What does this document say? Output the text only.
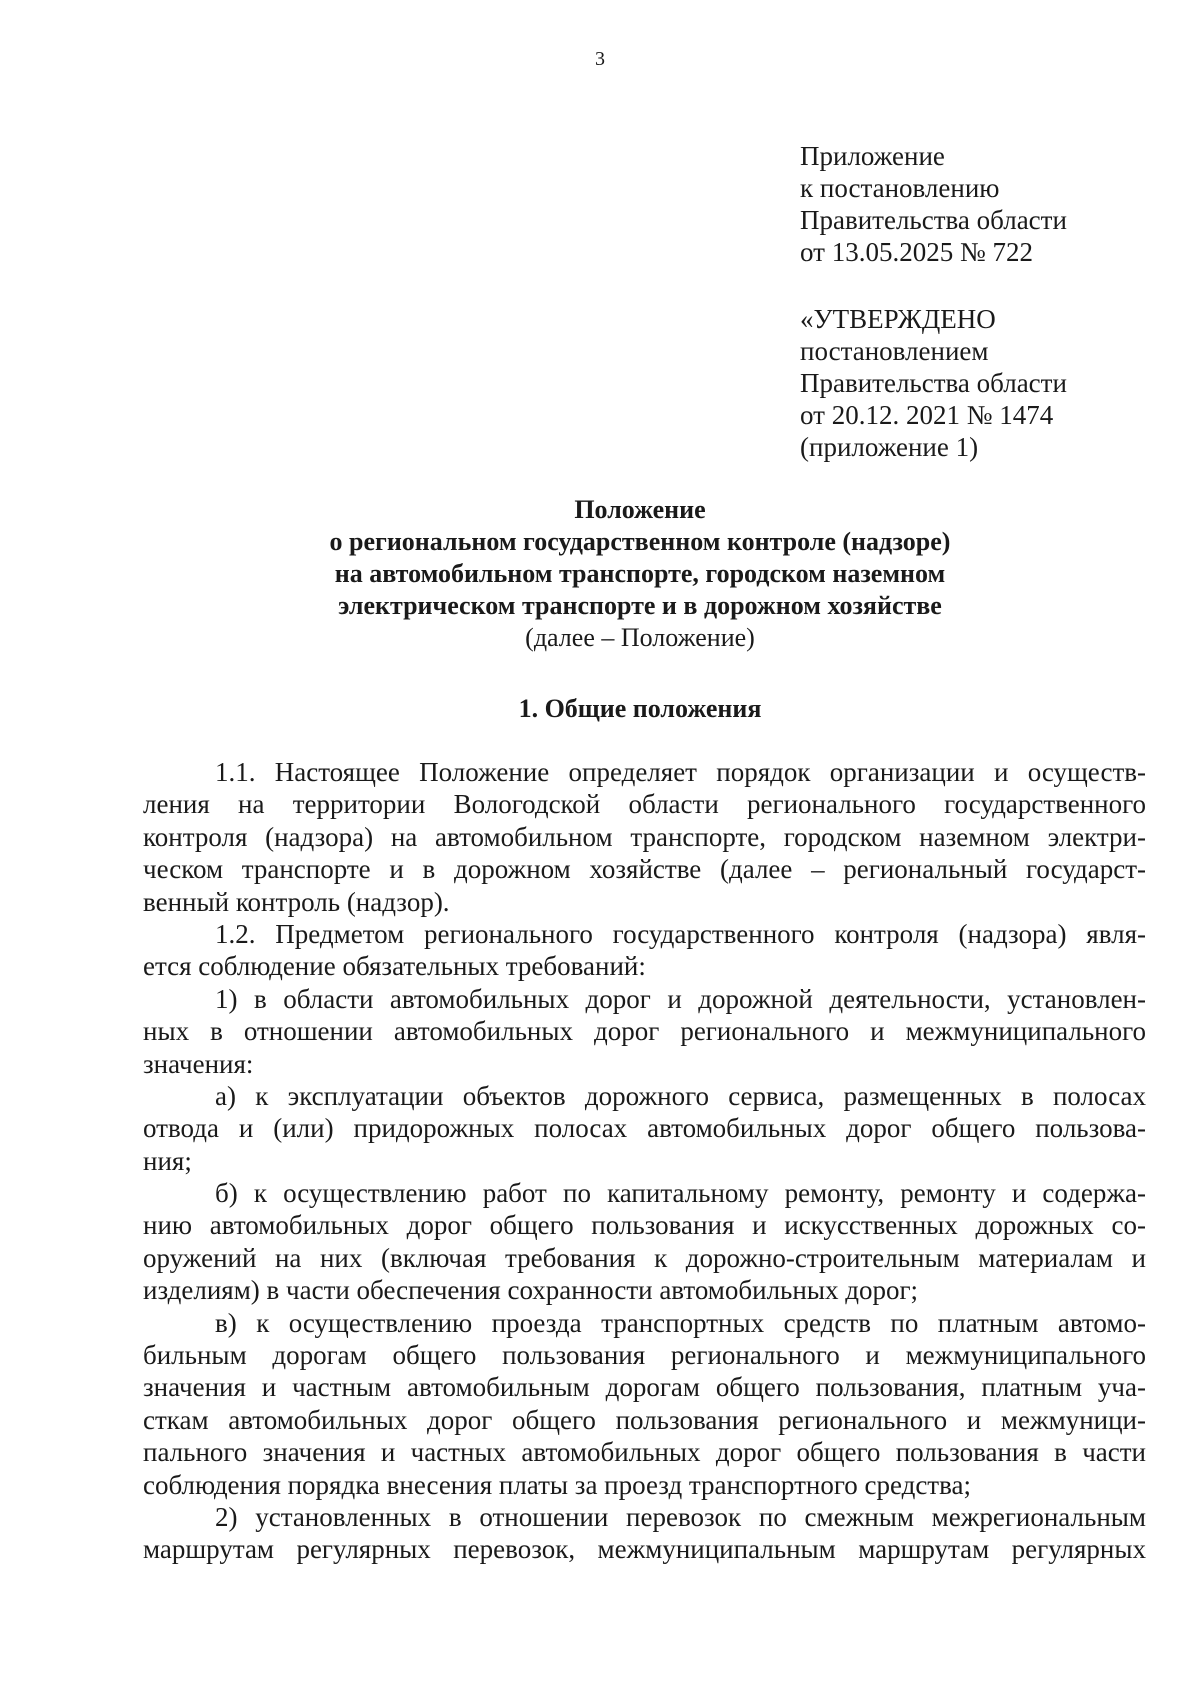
3
Приложение
к постановлению
Правительства области
от 13.05.2025 № 722
«УТВЕРЖДЕНО
постановлением
Правительства области
от 20.12. 2021 № 1474
(приложение 1)
Положение
о региональном государственном контроле (надзоре)
на автомобильном транспорте, городском наземном
электрическом транспорте и в дорожном хозяйстве
(далее – Положение)
1. Общие положения
1.1. Настоящее Положение определяет порядок организации и осуществ-
ления на территории Вологодской области регионального государственного
контроля (надзора) на автомобильном транспорте, городском наземном электри-
ческом транспорте и в дорожном хозяйстве (далее – региональный государст-
венный контроль (надзор).
1.2. Предметом регионального государственного контроля (надзора) явля-
ется соблюдение обязательных требований:
1) в области автомобильных дорог и дорожной деятельности, установлен-
ных в отношении автомобильных дорог регионального и межмуниципального
значения:
а) к эксплуатации объектов дорожного сервиса, размещенных в полосах
отвода и (или) придорожных полосах автомобильных дорог общего пользова-
ния;
б) к осуществлению работ по капитальному ремонту, ремонту и содержа-
нию автомобильных дорог общего пользования и искусственных дорожных со-
оружений на них (включая требования к дорожно-строительным материалам и
изделиям) в части обеспечения сохранности автомобильных дорог;
в) к осуществлению проезда транспортных средств по платным автомо-
бильным дорогам общего пользования регионального и межмуниципального
значения и частным автомобильным дорогам общего пользования, платным уча-
сткам автомобильных дорог общего пользования регионального и межмуници-
пального значения и частных автомобильных дорог общего пользования в части
соблюдения порядка внесения платы за проезд транспортного средства;
2) установленных в отношении перевозок по смежным межрегиональным
маршрутам регулярных перевозок, межмуниципальным маршрутам регулярных
